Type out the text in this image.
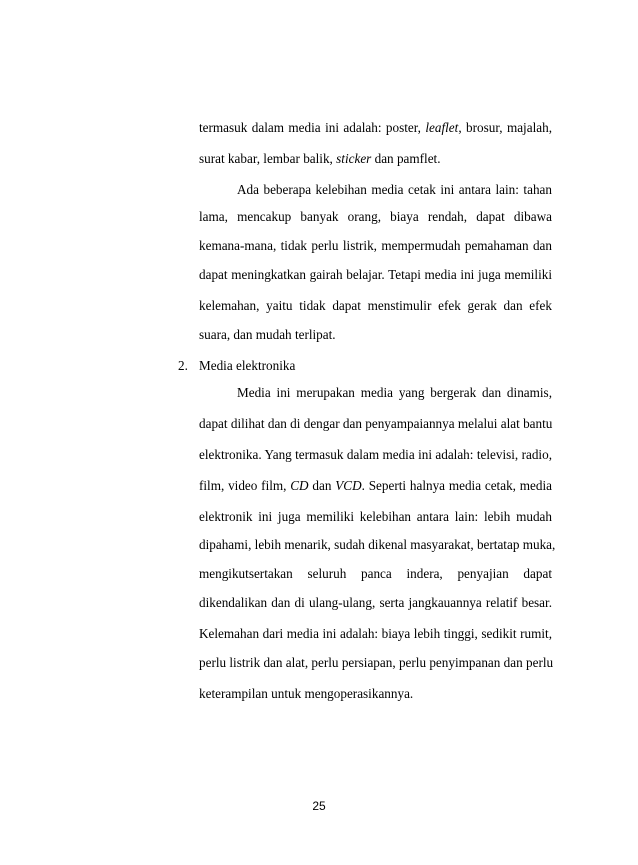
termasuk dalam media ini adalah: poster, leaflet, brosur, majalah,
surat kabar, lembar balik, sticker dan pamflet.
Ada beberapa kelebihan media cetak ini antara lain: tahan
lama, mencakup banyak orang, biaya rendah, dapat dibawa
kemana-mana, tidak perlu listrik, mempermudah pemahaman dan
dapat meningkatkan gairah belajar. Tetapi media ini juga memiliki
kelemahan, yaitu tidak dapat menstimulir efek gerak dan efek
suara, dan mudah terlipat.
2. Media elektronika
Media ini merupakan media yang bergerak dan dinamis,
dapat dilihat dan di dengar dan penyampaiannya melalui alat bantu
elektronika. Yang termasuk dalam media ini adalah: televisi, radio,
film, video film, CD dan VCD. Seperti halnya media cetak, media
elektronik ini juga memiliki kelebihan antara lain: lebih mudah
dipahami, lebih menarik, sudah dikenal masyarakat, bertatap muka,
mengikutsertakan seluruh panca indera, penyajian dapat
dikendalikan dan di ulang-ulang, serta jangkauannya relatif besar.
Kelemahan dari media ini adalah: biaya lebih tinggi, sedikit rumit,
perlu listrik dan alat, perlu persiapan, perlu penyimpanan dan perlu
keterampilan untuk mengoperasikannya.
25
